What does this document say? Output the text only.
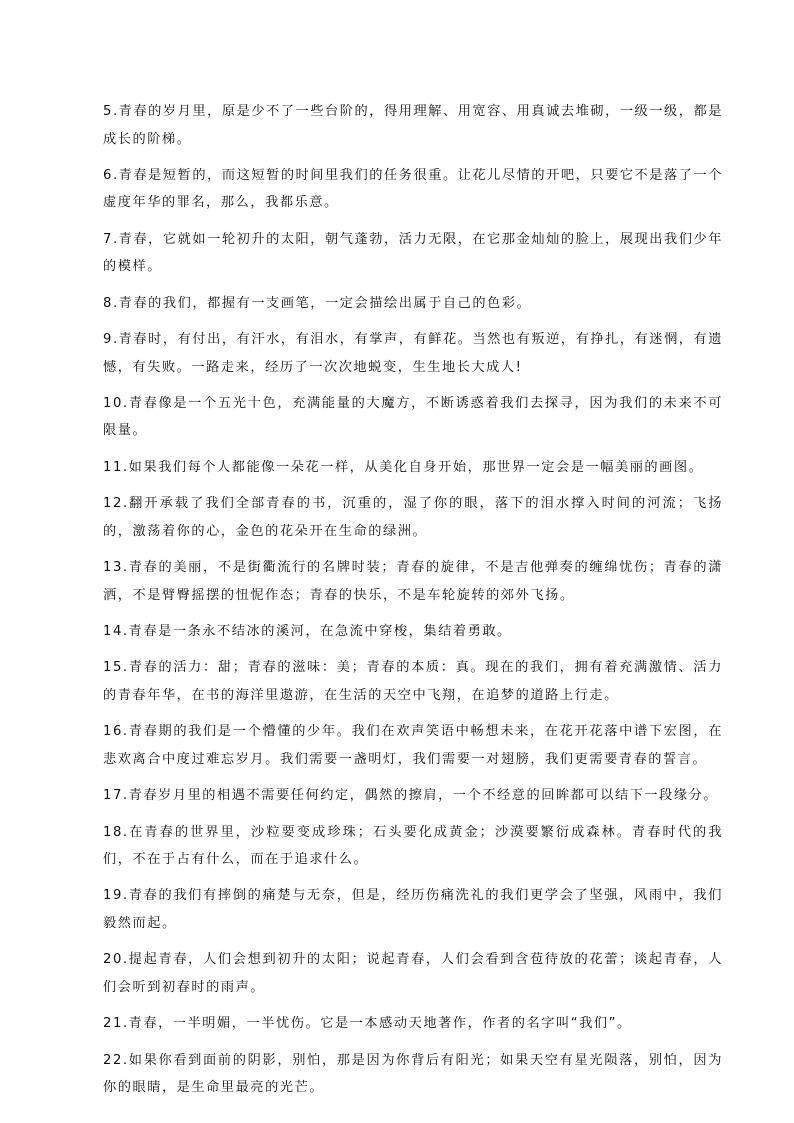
5.青春的岁月里，原是少不了一些台阶的，得用理解、用宽容、用真诚去堆砌，一级一级，都是成长的阶梯。

6.青春是短暂的，而这短暂的时间里我们的任务很重。让花儿尽情的开吧，只要它不是落了一个虚度年华的罪名，那么，我都乐意。

7.青春，它就如一轮初升的太阳，朝气蓬勃，活力无限，在它那金灿灿的脸上，展现出我们少年的模样。

8.青春的我们，都握有一支画笔，一定会描绘出属于自己的色彩。

9.青春时，有付出，有汗水，有泪水，有掌声，有鲜花。当然也有叛逆，有挣扎，有迷惘，有遗憾，有失败。一路走来，经历了一次次地蜕变，生生地长大成人!

10.青春像是一个五光十色，充满能量的大魔方，不断诱惑着我们去探寻，因为我们的未来不可限量。

11.如果我们每个人都能像一朵花一样，从美化自身开始，那世界一定会是一幅美丽的画图。

12.翻开承载了我们全部青春的书，沉重的，湿了你的眼，落下的泪水撑入时间的河流；飞扬的，激荡着你的心，金色的花朵开在生命的绿洲。

13.青春的美丽，不是街衢流行的名牌时装；青春的旋律，不是吉他弹奏的缠绵忧伤；青春的潇洒，不是臂臀摇摆的忸怩作态；青春的快乐，不是车轮旋转的郊外飞扬。

14.青春是一条永不结冰的溪河，在急流中穿梭，集结着勇敢。

15.青春的活力：甜；青春的滋味：美；青春的本质：真。现在的我们，拥有着充满激情、活力的青春年华，在书的海洋里遨游，在生活的天空中飞翔，在追梦的道路上行走。

16.青春期的我们是一个懵懂的少年。我们在欢声笑语中畅想未来，在花开花落中谱下宏图，在悲欢离合中度过难忘岁月。我们需要一盏明灯，我们需要一对翅膀，我们更需要青春的誓言。

17.青春岁月里的相遇不需要任何约定，偶然的擦肩，一个不经意的回眸都可以结下一段缘分。

18.在青春的世界里，沙粒要变成珍珠；石头要化成黄金；沙漠要繁衍成森林。青春时代的我们，不在于占有什么，而在于追求什么。

19.青春的我们有摔倒的痛楚与无奈，但是，经历伤痛洗礼的我们更学会了坚强，风雨中，我们毅然而起。

20.提起青春，人们会想到初升的太阳；说起青春，人们会看到含苞待放的花蕾；谈起青春，人们会听到初春时的雨声。

21.青春，一半明媚，一半忧伤。它是一本感动天地著作，作者的名字叫“我们”。

22.如果你看到面前的阴影，别怕，那是因为你背后有阳光；如果天空有星光陨落，别怕，因为你的眼睛，是生命里最亮的光芒。
